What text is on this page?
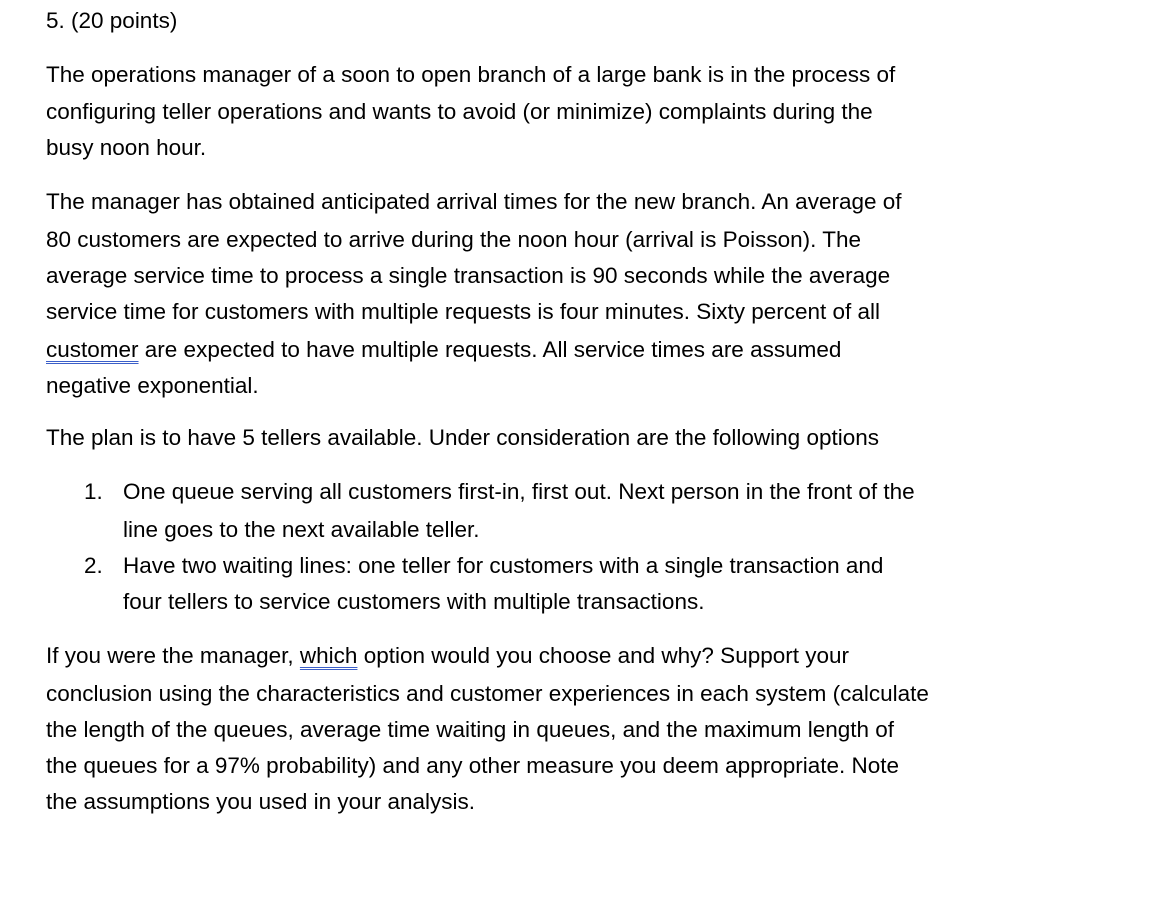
5. (20 points)
The operations manager of a soon to open branch of a large bank is in the process of
configuring teller operations and wants to avoid (or minimize) complaints during the
busy noon hour.
The manager has obtained anticipated arrival times for the new branch. An average of
80 customers are expected to arrive during the noon hour (arrival is Poisson). The
average service time to process a single transaction is 90 seconds while the average
service time for customers with multiple requests is four minutes. Sixty percent of all
customer are expected to have multiple requests. All service times are assumed
negative exponential.
The plan is to have 5 tellers available. Under consideration are the following options
1. One queue serving all customers first-in, first out. Next person in the front of the
line goes to the next available teller.
2. Have two waiting lines: one teller for customers with a single transaction and
four tellers to service customers with multiple transactions.
If you were the manager, which option would you choose and why? Support your
conclusion using the characteristics and customer experiences in each system (calculate
the length of the queues, average time waiting in queues, and the maximum length of
the queues for a 97% probability) and any other measure you deem appropriate. Note
the assumptions you used in your analysis.
